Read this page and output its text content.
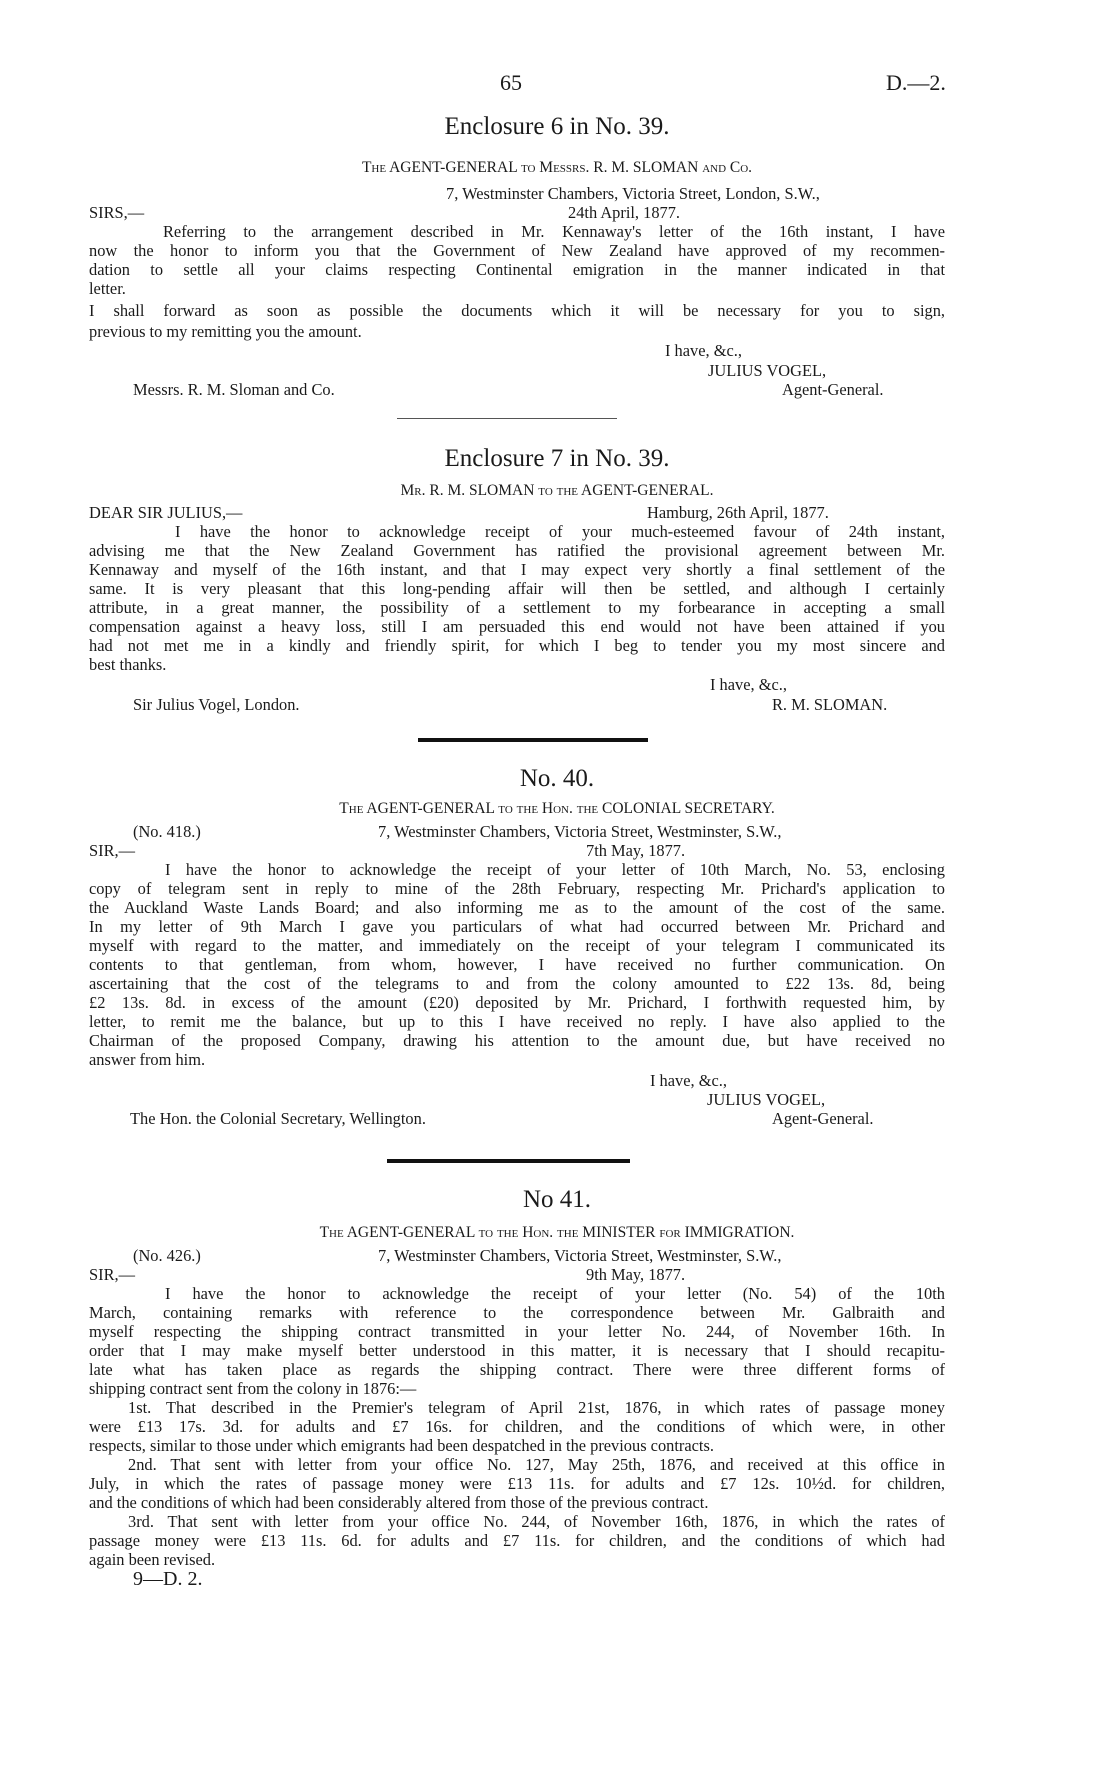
65	D.—2.
Enclosure 6 in No. 39.
The AGENT-GENERAL to Messrs. R. M. SLOMAN and Co.
7, Westminster Chambers, Victoria Street, London, S.W.,
SIRS,—	24th April, 1877.
Referring to the arrangement described in Mr. Kennaway's letter of the 16th instant, I have
now the honor to inform you that the Government of New Zealand have approved of my recommen-
dation to settle all your claims respecting Continental emigration in the manner indicated in that
letter.
I shall forward as soon as possible the documents which it will be necessary for you to sign,
previous to my remitting you the amount.
I have, &c.,
JULIUS VOGEL,
Messrs. R. M. Sloman and Co.	Agent-General.
Enclosure 7 in No. 39.
Mr. R. M. SLOMAN to the AGENT-GENERAL.
DEAR SIR JULIUS,—	Hamburg, 26th April, 1877.
I have the honor to acknowledge receipt of your much-esteemed favour of 24th instant,
advising me that the New Zealand Government has ratified the provisional agreement between Mr.
Kennaway and myself of the 16th instant, and that I may expect very shortly a final settlement of the
same. It is very pleasant that this long-pending affair will then be settled, and although I certainly
attribute, in a great manner, the possibility of a settlement to my forbearance in accepting a small
compensation against a heavy loss, still I am persuaded this end would not have been attained if you
had not met me in a kindly and friendly spirit, for which I beg to tender you my most sincere and
best thanks.
I have, &c.,
Sir Julius Vogel, London.	R. M. SLOMAN.
No. 40.
The AGENT-GENERAL to the Hon. the COLONIAL SECRETARY.
(No. 418.)	7, Westminster Chambers, Victoria Street, Westminster, S.W.,
SIR,—	7th May, 1877.
I have the honor to acknowledge the receipt of your letter of 10th March, No. 53, enclosing
copy of telegram sent in reply to mine of the 28th February, respecting Mr. Prichard's application to
the Auckland Waste Lands Board; and also informing me as to the amount of the cost of the same.
In my letter of 9th March I gave you particulars of what had occurred between Mr. Prichard and
myself with regard to the matter, and immediately on the receipt of your telegram I communicated its
contents to that gentleman, from whom, however, I have received no further communication. On
ascertaining that the cost of the telegrams to and from the colony amounted to £22 13s. 8d, being
£2 13s. 8d. in excess of the amount (£20) deposited by Mr. Prichard, I forthwith requested him, by
letter, to remit me the balance, but up to this I have received no reply. I have also applied to the
Chairman of the proposed Company, drawing his attention to the amount due, but have received no
answer from him.
I have, &c.,
JULIUS VOGEL,
The Hon. the Colonial Secretary, Wellington.	Agent-General.
No 41.
The AGENT-GENERAL to the Hon. the MINISTER for IMMIGRATION.
(No. 426.)	7, Westminster Chambers, Victoria Street, Westminster, S.W.,
SIR,—	9th May, 1877.
I have the honor to acknowledge the receipt of your letter (No. 54) of the 10th
March, containing remarks with reference to the correspondence between Mr. Galbraith and
myself respecting the shipping contract transmitted in your letter No. 244, of November 16th. In
order that I may make myself better understood in this matter, it is necessary that I should recapitu-
late what has taken place as regards the shipping contract. There were three different forms of
shipping contract sent from the colony in 1876:—
1st. That described in the Premier's telegram of April 21st, 1876, in which rates of passage money
were £13 17s. 3d. for adults and £7 16s. for children, and the conditions of which were, in other
respects, similar to those under which emigrants had been despatched in the previous contracts.
2nd. That sent with letter from your office No. 127, May 25th, 1876, and received at this office in
July, in which the rates of passage money were £13 11s. for adults and £7 12s. 10½d. for children,
and the conditions of which had been considerably altered from those of the previous contract.
3rd. That sent with letter from your office No. 244, of November 16th, 1876, in which the rates of
passage money were £13 11s. 6d. for adults and £7 11s. for children, and the conditions of which had
again been revised.
9—D. 2.
